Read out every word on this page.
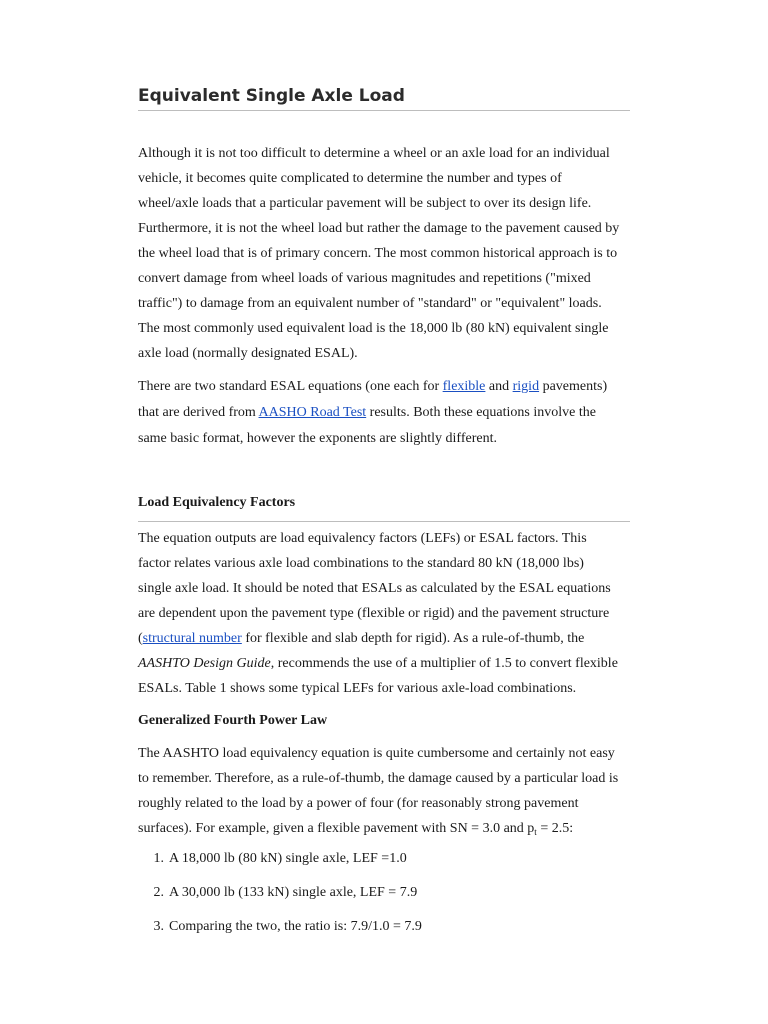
Equivalent Single Axle Load

Although it is not too difficult to determine a wheel or an axle load for an individual
vehicle, it becomes quite complicated to determine the number and types of
wheel/axle loads that a particular pavement will be subject to over its design life.
Furthermore, it is not the wheel load but rather the damage to the pavement caused by
the wheel load that is of primary concern. The most common historical approach is to
convert damage from wheel loads of various magnitudes and repetitions ("mixed
traffic") to damage from an equivalent number of "standard" or "equivalent" loads.
The most commonly used equivalent load is the 18,000 lb (80 kN) equivalent single
axle load (normally designated ESAL).

There are two standard ESAL equations (one each for flexible and rigid pavements)
that are derived from AASHO Road Test results. Both these equations involve the
same basic format, however the exponents are slightly different.

Load Equivalency Factors

The equation outputs are load equivalency factors (LEFs) or ESAL factors. This
factor relates various axle load combinations to the standard 80 kN (18,000 lbs)
single axle load. It should be noted that ESALs as calculated by the ESAL equations
are dependent upon the pavement type (flexible or rigid) and the pavement structure
(structural number for flexible and slab depth for rigid). As a rule-of-thumb, the
AASHTO Design Guide, recommends the use of a multiplier of 1.5 to convert flexible
ESALs. Table 1 shows some typical LEFs for various axle-load combinations.

Generalized Fourth Power Law

The AASHTO load equivalency equation is quite cumbersome and certainly not easy
to remember. Therefore, as a rule-of-thumb, the damage caused by a particular load is
roughly related to the load by a power of four (for reasonably strong pavement
surfaces). For example, given a flexible pavement with SN = 3.0 and $p_t = 2.5$:

1. A 18,000 lb (80 kN) single axle, LEF =1.0
2. A 30,000 lb (133 kN) single axle, LEF = 7.9
3. Comparing the two, the ratio is: 7.9/1.0 = 7.9
